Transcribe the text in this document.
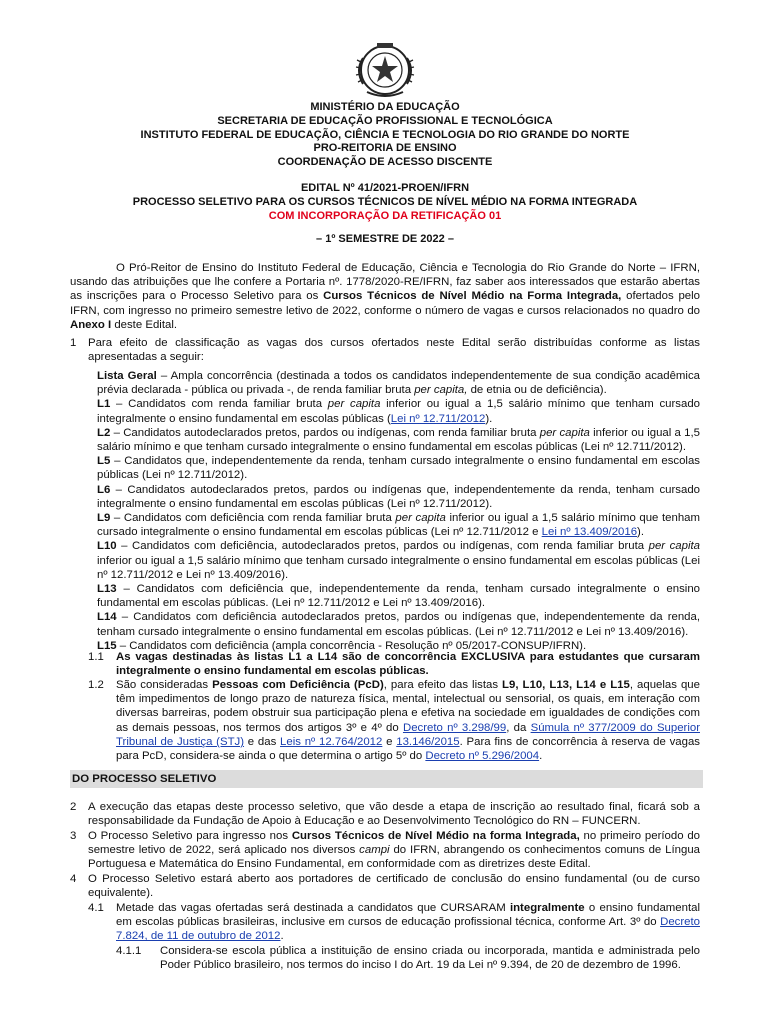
MINISTÉRIO DA EDUCAÇÃO
SECRETARIA DE EDUCAÇÃO PROFISSIONAL E TECNOLÓGICA
INSTITUTO FEDERAL DE EDUCAÇÃO, CIÊNCIA E TECNOLOGIA DO RIO GRANDE DO NORTE
PRO-REITORIA DE ENSINO
COORDENAÇÃO DE ACESSO DISCENTE
EDITAL Nº 41/2021-PROEN/IFRN
PROCESSO SELETIVO PARA OS CURSOS TÉCNICOS DE NÍVEL MÉDIO NA FORMA INTEGRADA
COM INCORPORAÇÃO DA RETIFICAÇÃO 01
– 1º SEMESTRE DE 2022 –

O Pró-Reitor de Ensino do Instituto Federal de Educação, Ciência e Tecnologia do Rio Grande do Norte – IFRN, usando das atribuições que lhe confere a Portaria nº. 1778/2020-RE/IFRN, faz saber aos interessados que estarão abertas as inscrições para o Processo Seletivo para os Cursos Técnicos de Nível Médio na Forma Integrada, ofertados pelo IFRN, com ingresso no primeiro semestre letivo de 2022, conforme o número de vagas e cursos relacionados no quadro do Anexo I deste Edital.

1 Para efeito de classificação as vagas dos cursos ofertados neste Edital serão distribuídas conforme as listas apresentadas a seguir:

Lista Geral – Ampla concorrência (destinada a todos os candidatos independentemente de sua condição acadêmica prévia declarada - pública ou privada -, de renda familiar bruta per capita, de etnia ou de deficiência).

L1 – Candidatos com renda familiar bruta per capita inferior ou igual a 1,5 salário mínimo que tenham cursado integralmente o ensino fundamental em escolas públicas (Lei nº 12.711/2012).

L2 – Candidatos autodeclarados pretos, pardos ou indígenas, com renda familiar bruta per capita inferior ou igual a 1,5 salário mínimo e que tenham cursado integralmente o ensino fundamental em escolas públicas (Lei nº 12.711/2012).

L5 – Candidatos que, independentemente da renda, tenham cursado integralmente o ensino fundamental em escolas públicas (Lei nº 12.711/2012).

L6 – Candidatos autodeclarados pretos, pardos ou indígenas que, independentemente da renda, tenham cursado integralmente o ensino fundamental em escolas públicas (Lei nº 12.711/2012).

L9 – Candidatos com deficiência com renda familiar bruta per capita inferior ou igual a 1,5 salário mínimo que tenham cursado integralmente o ensino fundamental em escolas públicas (Lei nº 12.711/2012 e Lei nº 13.409/2016).

L10 – Candidatos com deficiência, autodeclarados pretos, pardos ou indígenas, com renda familiar bruta per capita inferior ou igual a 1,5 salário mínimo que tenham cursado integralmente o ensino fundamental em escolas públicas (Lei nº 12.711/2012 e Lei nº 13.409/2016).

L13 – Candidatos com deficiência que, independentemente da renda, tenham cursado integralmente o ensino fundamental em escolas públicas. (Lei nº 12.711/2012 e Lei nº 13.409/2016).

L14 – Candidatos com deficiência autodeclarados pretos, pardos ou indígenas que, independentemente da renda, tenham cursado integralmente o ensino fundamental em escolas públicas. (Lei nº 12.711/2012 e Lei nº 13.409/2016).

L15 – Candidatos com deficiência (ampla concorrência - Resolução nº 05/2017-CONSUP/IFRN).

1.1 As vagas destinadas às listas L1 a L14 são de concorrência EXCLUSIVA para estudantes que cursaram integralmente o ensino fundamental em escolas públicas.
1.2 São consideradas Pessoas com Deficiência (PcD), para efeito das listas L9, L10, L13, L14 e L15, aquelas que têm impedimentos de longo prazo de natureza física, mental, intelectual ou sensorial, os quais, em interação com diversas barreiras, podem obstruir sua participação plena e efetiva na sociedade em igualdades de condições com as demais pessoas, nos termos dos artigos 3º e 4º do Decreto nº 3.298/99, da Súmula nº 377/2009 do Superior Tribunal de Justiça (STJ) e das Leis nº 12.764/2012 e 13.146/2015. Para fins de concorrência à reserva de vagas para PcD, considera-se ainda o que determina o artigo 5º do Decreto nº 5.296/2004.
DO PROCESSO SELETIVO
2 A execução das etapas deste processo seletivo, que vão desde a etapa de inscrição ao resultado final, ficará sob a responsabilidade da Fundação de Apoio à Educação e ao Desenvolvimento Tecnológico do RN – FUNCERN.
3 O Processo Seletivo para ingresso nos Cursos Técnicos de Nível Médio na forma Integrada, no primeiro período do semestre letivo de 2022, será aplicado nos diversos campi do IFRN, abrangendo os conhecimentos comuns de Língua Portuguesa e Matemática do Ensino Fundamental, em conformidade com as diretrizes deste Edital.
4 O Processo Seletivo estará aberto aos portadores de certificado de conclusão do ensino fundamental (ou de curso equivalente).
4.1 Metade das vagas ofertadas será destinada a candidatos que CURSARAM integralmente o ensino fundamental em escolas públicas brasileiras, inclusive em cursos de educação profissional técnica, conforme Art. 3º do Decreto 7.824, de 11 de outubro de 2012.
4.1.1 Considera-se escola pública a instituição de ensino criada ou incorporada, mantida e administrada pelo Poder Público brasileiro, nos termos do inciso I do Art. 19 da Lei nº 9.394, de 20 de dezembro de 1996.
